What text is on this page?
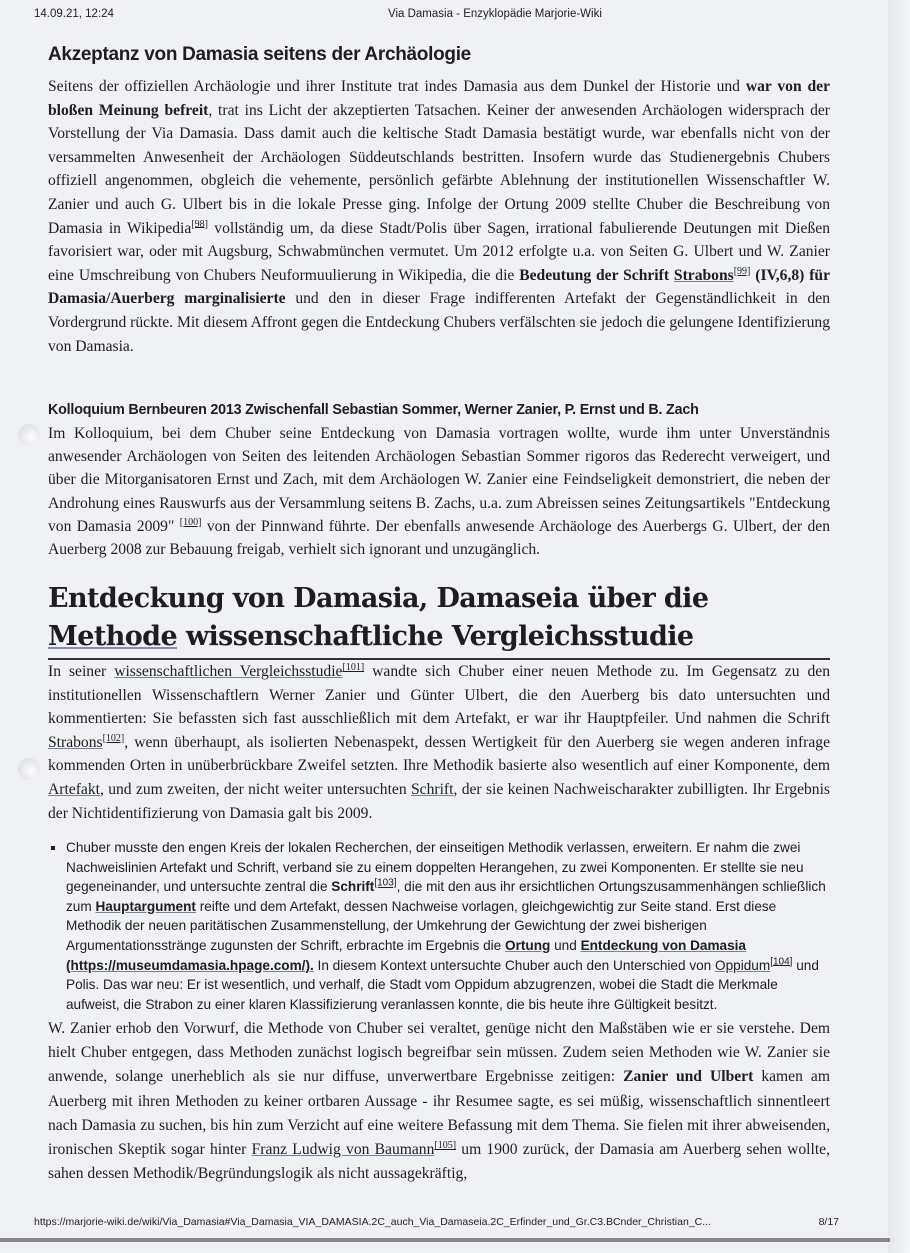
14.09.21, 12:24	Via Damasia - Enzyklopädie Marjorie-Wiki
Akzeptanz von Damasia seitens der Archäologie
Seitens der offiziellen Archäologie und ihrer Institute trat indes Damasia aus dem Dunkel der Historie und war von der bloßen Meinung befreit, trat ins Licht der akzeptierten Tatsachen. Keiner der anwesenden Archäologen widersprach der Vorstellung der Via Damasia. Dass damit auch die keltische Stadt Damasia bestätigt wurde, war ebenfalls nicht von der versammelten Anwesenheit der Archäologen Süddeutschlands bestritten. Insofern wurde das Studienergebnis Chubers offiziell angenommen, obgleich die vehemente, persönlich gefärbte Ablehnung der institutionellen Wissenschaftler W. Zanier und auch G. Ulbert bis in die lokale Presse ging. Infolge der Ortung 2009 stellte Chuber die Beschreibung von Damasia in Wikipedia[98] vollständig um, da diese Stadt/Polis über Sagen, irrational fabulierende Deutungen mit Dießen favorisiert war, oder mit Augsburg, Schwabmünchen vermutet. Um 2012 erfolgte u.a. von Seiten G. Ulbert und W. Zanier eine Umschreibung von Chubers Neuformuulierung in Wikipedia, die die Bedeutung der Schrift Strabons[99] (IV,6,8) für Damasia/Auerberg marginalisierte und den in dieser Frage indifferenten Artefakt der Gegenständlichkeit in den Vordergrund rückte. Mit diesem Affront gegen die Entdeckung Chubers verfälschten sie jedoch die gelungene Identifizierung von Damasia.
Kolloquium Bernbeuren 2013 Zwischenfall Sebastian Sommer, Werner Zanier, P. Ernst und B. Zach
Im Kolloquium, bei dem Chuber seine Entdeckung von Damasia vortragen wollte, wurde ihm unter Unverständnis anwesender Archäologen von Seiten des leitenden Archäologen Sebastian Sommer rigoros das Rederecht verweigert, und über die Mitorganisatoren Ernst und Zach, mit dem Archäologen W. Zanier eine Feindseligkeit demonstriert, die neben der Androhung eines Rauswurfs aus der Versammlung seitens B. Zachs, u.a. zum Abreissen seines Zeitungsartikels "Entdeckung von Damasia 2009" [100] von der Pinnwand führte. Der ebenfalls anwesende Archäologe des Auerbergs G. Ulbert, der den Auerberg 2008 zur Bebauung freigab, verhielt sich ignorant und unzugänglich.
Entdeckung von Damasia, Damaseia über die Methode wissenschaftliche Vergleichsstudie
In seiner wissenschaftlichen Vergleichsstudie[101] wandte sich Chuber einer neuen Methode zu. Im Gegensatz zu den institutionellen Wissenschaftlern Werner Zanier und Günter Ulbert, die den Auerberg bis dato untersuchten und kommentierten: Sie befassten sich fast ausschließlich mit dem Artefakt, er war ihr Hauptpfeiler. Und nahmen die Schrift Strabons[102], wenn überhaupt, als isolierten Nebenaspekt, dessen Wertigkeit für den Auerberg sie wegen anderen infrage kommenden Orten in unüberbrückbare Zweifel setzten. Ihre Methodik basierte also wesentlich auf einer Komponente, dem Artefakt, und zum zweiten, der nicht weiter untersuchten Schrift, der sie keinen Nachweischarakter zubilligten. Ihr Ergebnis der Nichtidentifizierung von Damasia galt bis 2009.
▪ Chuber musste den engen Kreis der lokalen Recherchen, der einseitigen Methodik verlassen, erweitern. Er nahm die zwei Nachweislinien Artefakt und Schrift, verband sie zu einem doppelten Herangehen, zu zwei Komponenten. Er stellte sie neu gegeneinander, und untersuchte zentral die Schrift[103], die mit den aus ihr ersichtlichen Ortungszusammenhängen schließlich zum Hauptargument reifte und dem Artefakt, dessen Nachweise vorlagen, gleichgewichtig zur Seite stand. Erst diese Methodik der neuen paritätischen Zusammenstellung, der Umkehrung der Gewichtung der zwei bisherigen Argumentationsstränge zugunsten der Schrift, erbrachte im Ergebnis die Ortung und Entdeckung von Damasia (https://museumdamasia.hpage.com/). In diesem Kontext untersuchte Chuber auch den Unterschied von Oppidum[104] und Polis. Das war neu: Er ist wesentlich, und verhalf, die Stadt vom Oppidum abzugrenzen, wobei die Stadt die Merkmale aufweist, die Strabon zu einer klaren Klassifizierung veranlassen konnte, die bis heute ihre Gültigkeit besitzt.
W. Zanier erhob den Vorwurf, die Methode von Chuber sei veraltet, genüge nicht den Maßstäben wie er sie verstehe. Dem hielt Chuber entgegen, dass Methoden zunächst logisch begreifbar sein müssen. Zudem seien Methoden wie W. Zanier sie anwende, solange unerheblich als sie nur diffuse, unverwertbare Ergebnisse zeitigen: Zanier und Ulbert kamen am Auerberg mit ihren Methoden zu keiner ortbaren Aussage - ihr Resumee sagte, es sei müßig, wissenschaftlich sinnentleert nach Damasia zu suchen, bis hin zum Verzicht auf eine weitere Befassung mit dem Thema. Sie fielen mit ihrer abweisenden, ironischen Skeptik sogar hinter Franz Ludwig von Baumann[105] um 1900 zurück, der Damasia am Auerberg sehen wollte, sahen dessen Methodik/Begründungslogik als nicht aussagekräftig,
https://marjorie-wiki.de/wiki/Via_Damasia#Via_Damasia_VIA_DAMASIA.2C_auch_Via_Damaseia.2C_Erfinder_und_Gr.C3.BCnder_Christian_C...	8/17
